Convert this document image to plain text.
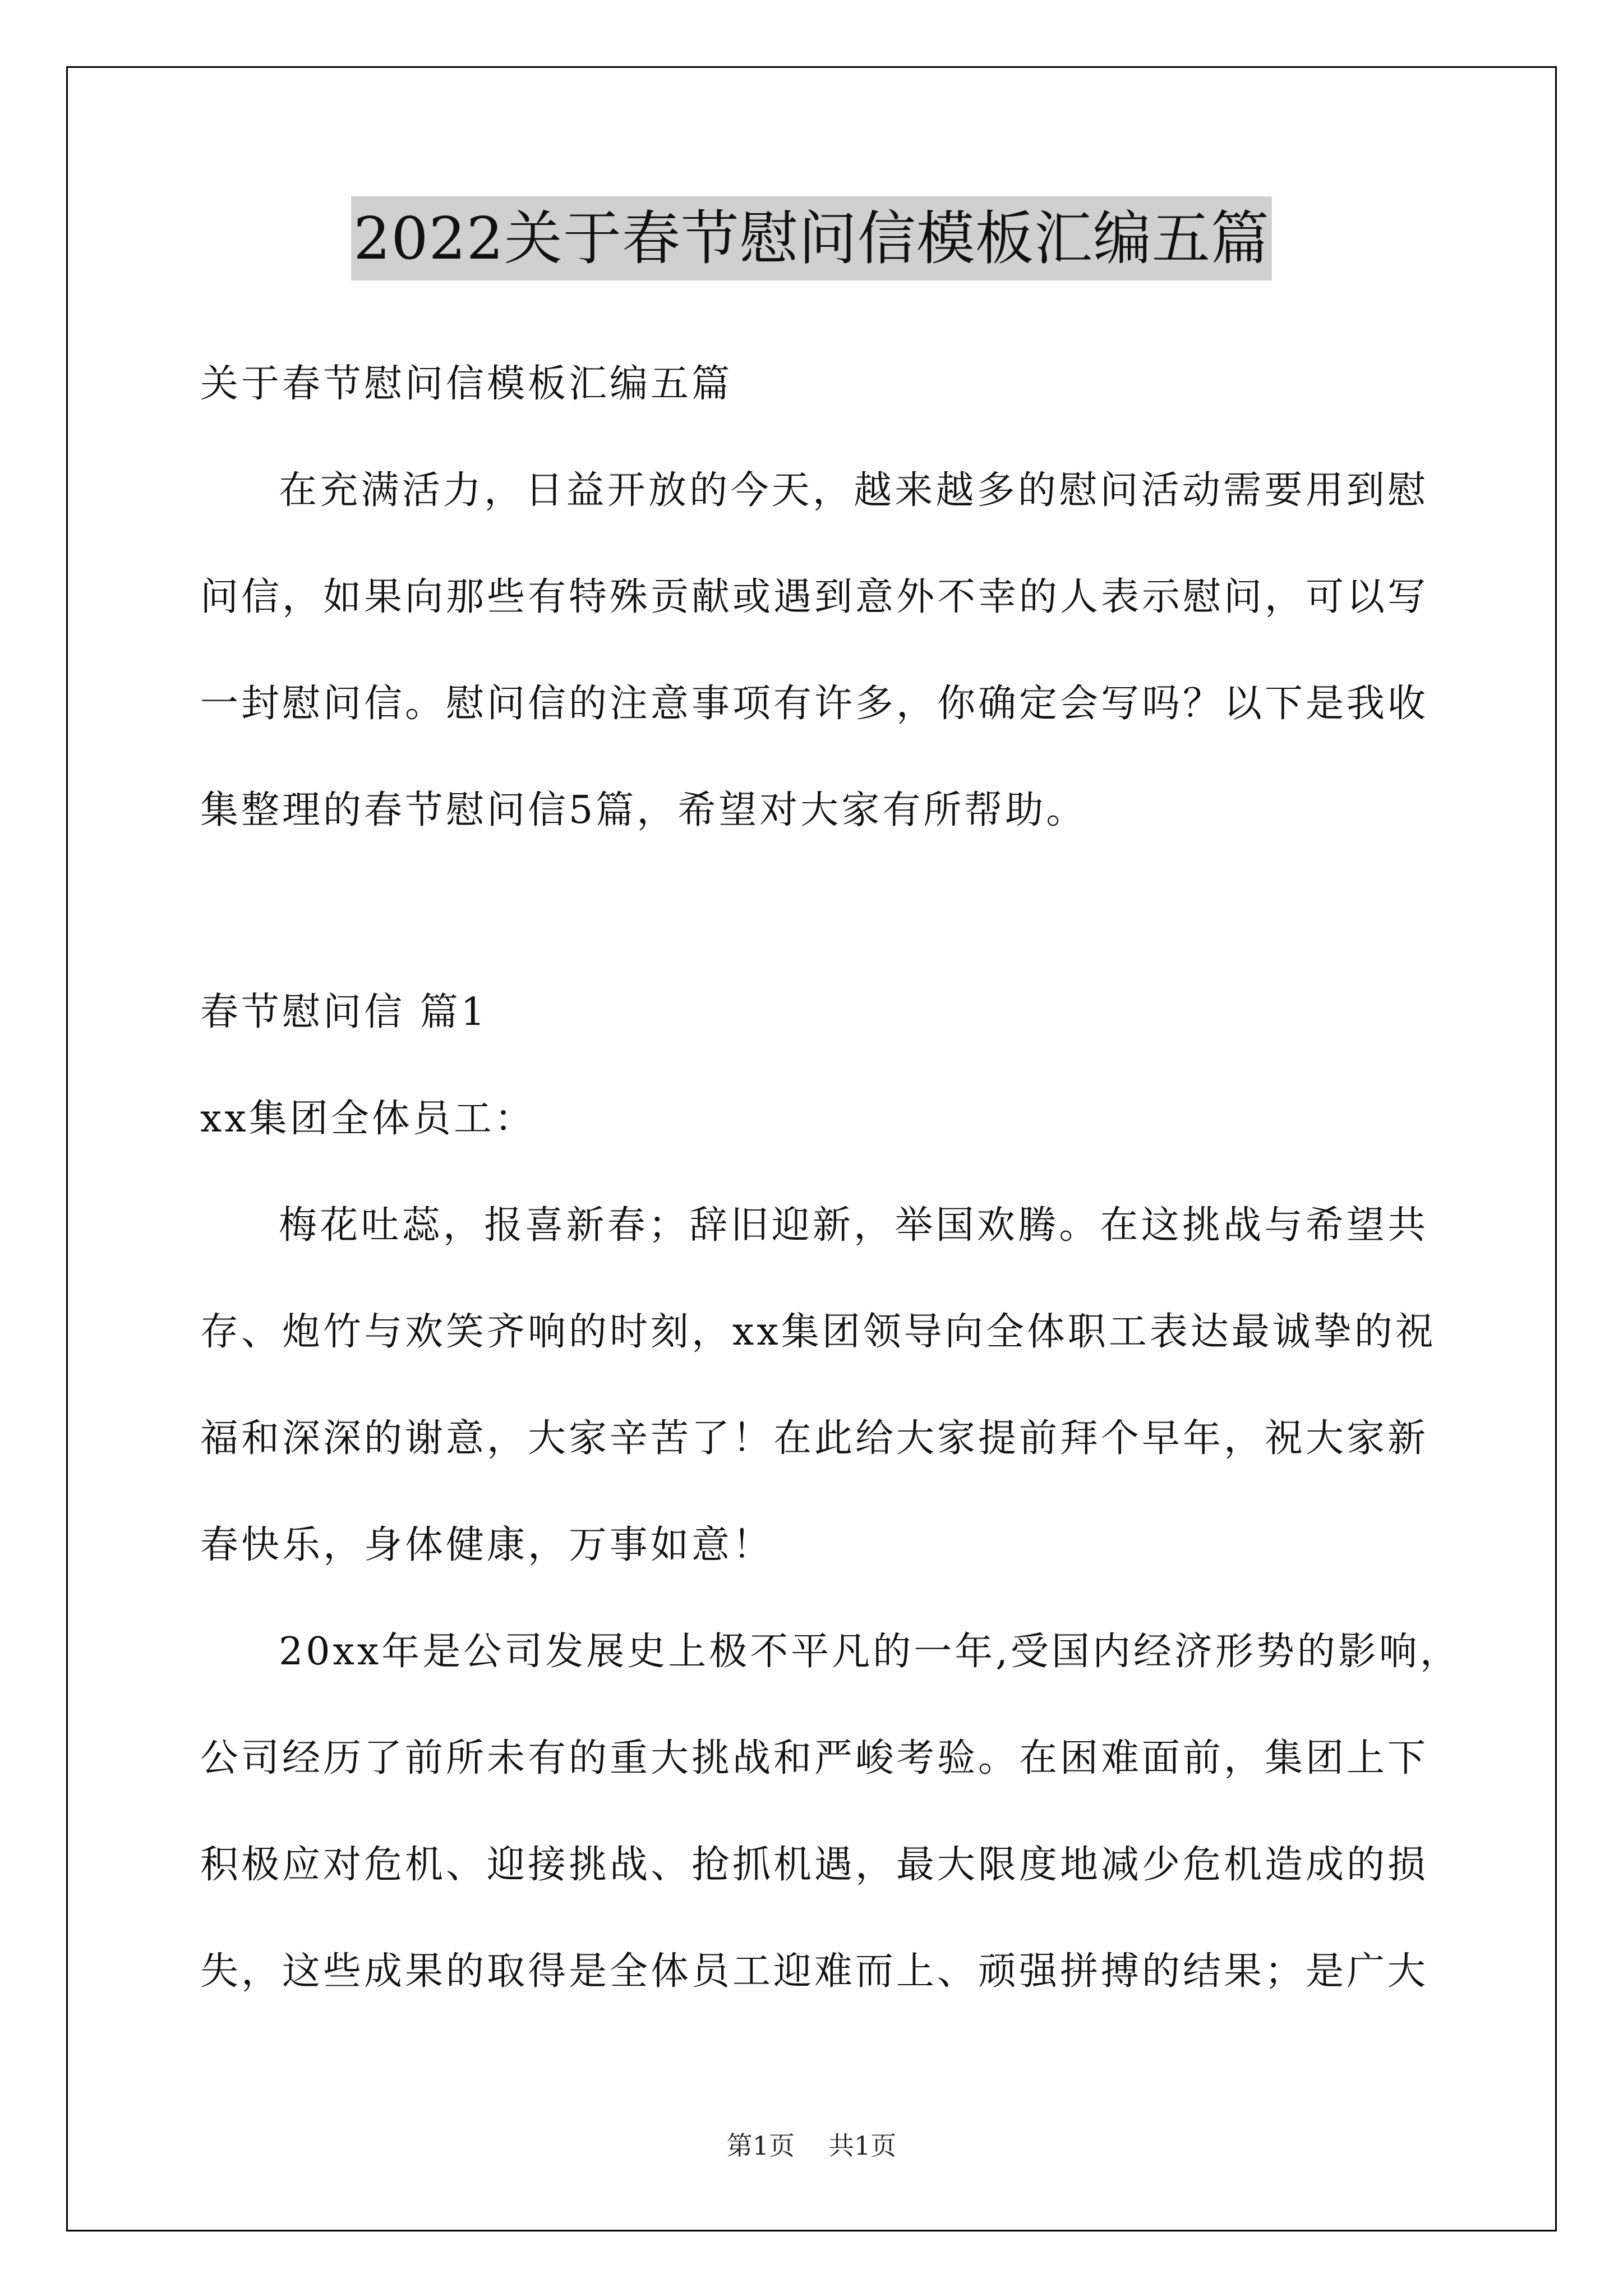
2022关于春节慰问信模板汇编五篇
关于春节慰问信模板汇编五篇
在充满活力，日益开放的今天，越来越多的慰问活动需要用到慰
问信，如果向那些有特殊贡献或遇到意外不幸的人表示慰问，可以写
一封慰问信。慰问信的注意事项有许多，你确定会写吗？以下是我收
集整理的春节慰问信5篇，希望对大家有所帮助。
春节慰问信 篇1
xx集团全体员工：
梅花吐蕊，报喜新春；辞旧迎新，举国欢腾。在这挑战与希望共
存、炮竹与欢笑齐响的时刻，xx集团领导向全体职工表达最诚挚的祝
福和深深的谢意，大家辛苦了！在此给大家提前拜个早年，祝大家新
春快乐，身体健康，万事如意！
20xx年是公司发展史上极不平凡的一年,受国内经济形势的影响，
公司经历了前所未有的重大挑战和严峻考验。在困难面前，集团上下
积极应对危机、迎接挑战、抢抓机遇，最大限度地减少危机造成的损
失，这些成果的取得是全体员工迎难而上、顽强拼搏的结果；是广大
第1页 共1页
